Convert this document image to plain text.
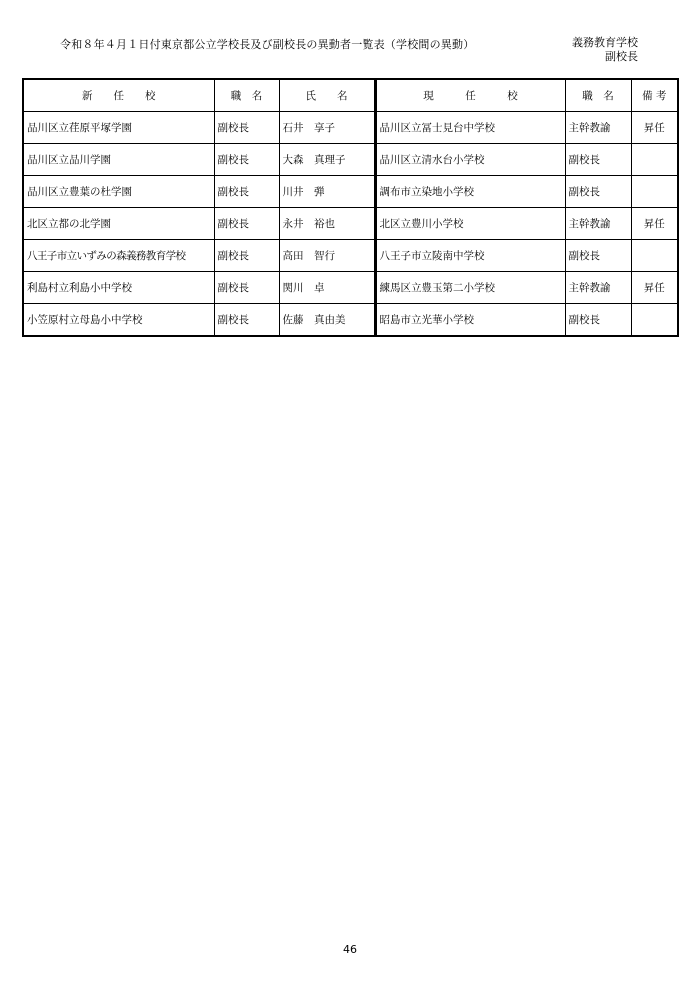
令和８年４月１日付東京都公立学校長及び副校長の異動者一覧表（学校間の異動）	義務教育学校
副校長
新　　任　　校	職　名	氏　　名	現　　　任　　　校	職　名	備 考
品川区立荏原平塚学園	副校長	石井　享子	品川区立冨士見台中学校	主幹教諭	昇任
品川区立品川学園	副校長	大森　真理子	品川区立清水台小学校	副校長	
品川区立豊葉の杜学園	副校長	川井　弾	調布市立染地小学校	副校長	
北区立都の北学園	副校長	永井　裕也	北区立豊川小学校	主幹教諭	昇任
八王子市立いずみの森義務教育学校	副校長	高田　智行	八王子市立陵南中学校	副校長	
利島村立利島小中学校	副校長	関川　卓	練馬区立豊玉第二小学校	主幹教諭	昇任
小笠原村立母島小中学校	副校長	佐藤　真由美	昭島市立光華小学校	副校長	
46
